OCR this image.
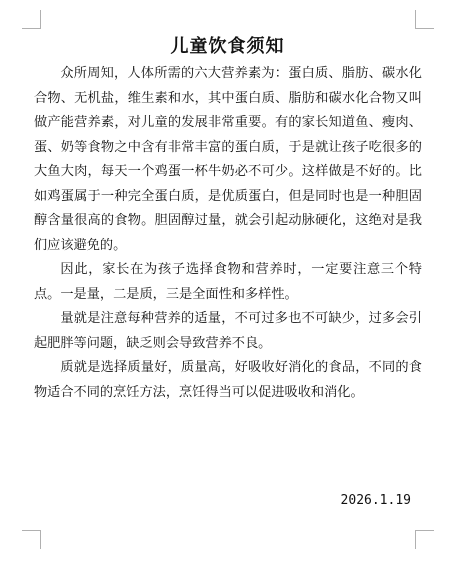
儿童饮食须知

众所周知，人体所需的六大营养素为：蛋白质、脂肪、碳水化合物、无机盐，维生素和水，其中蛋白质、脂肪和碳水化合物又叫做产能营养素，对儿童的发展非常重要。有的家长知道鱼、瘦肉、蛋、奶等食物之中含有非常丰富的蛋白质，于是就让孩子吃很多的大鱼大肉，每天一个鸡蛋一杯牛奶必不可少。这样做是不好的。比如鸡蛋属于一种完全蛋白质，是优质蛋白，但是同时也是一种胆固醇含量很高的食物。胆固醇过量，就会引起动脉硬化，这绝对是我们应该避免的。

因此，家长在为孩子选择食物和营养时，一定要注意三个特点。一是量，二是质，三是全面性和多样性。

量就是注意每种营养的适量，不可过多也不可缺少，过多会引起肥胖等问题，缺乏则会导致营养不良。

质就是选择质量好，质量高，好吸收好消化的食品，不同的食物适合不同的烹饪方法，烹饪得当可以促进吸收和消化。

2026.1.19
